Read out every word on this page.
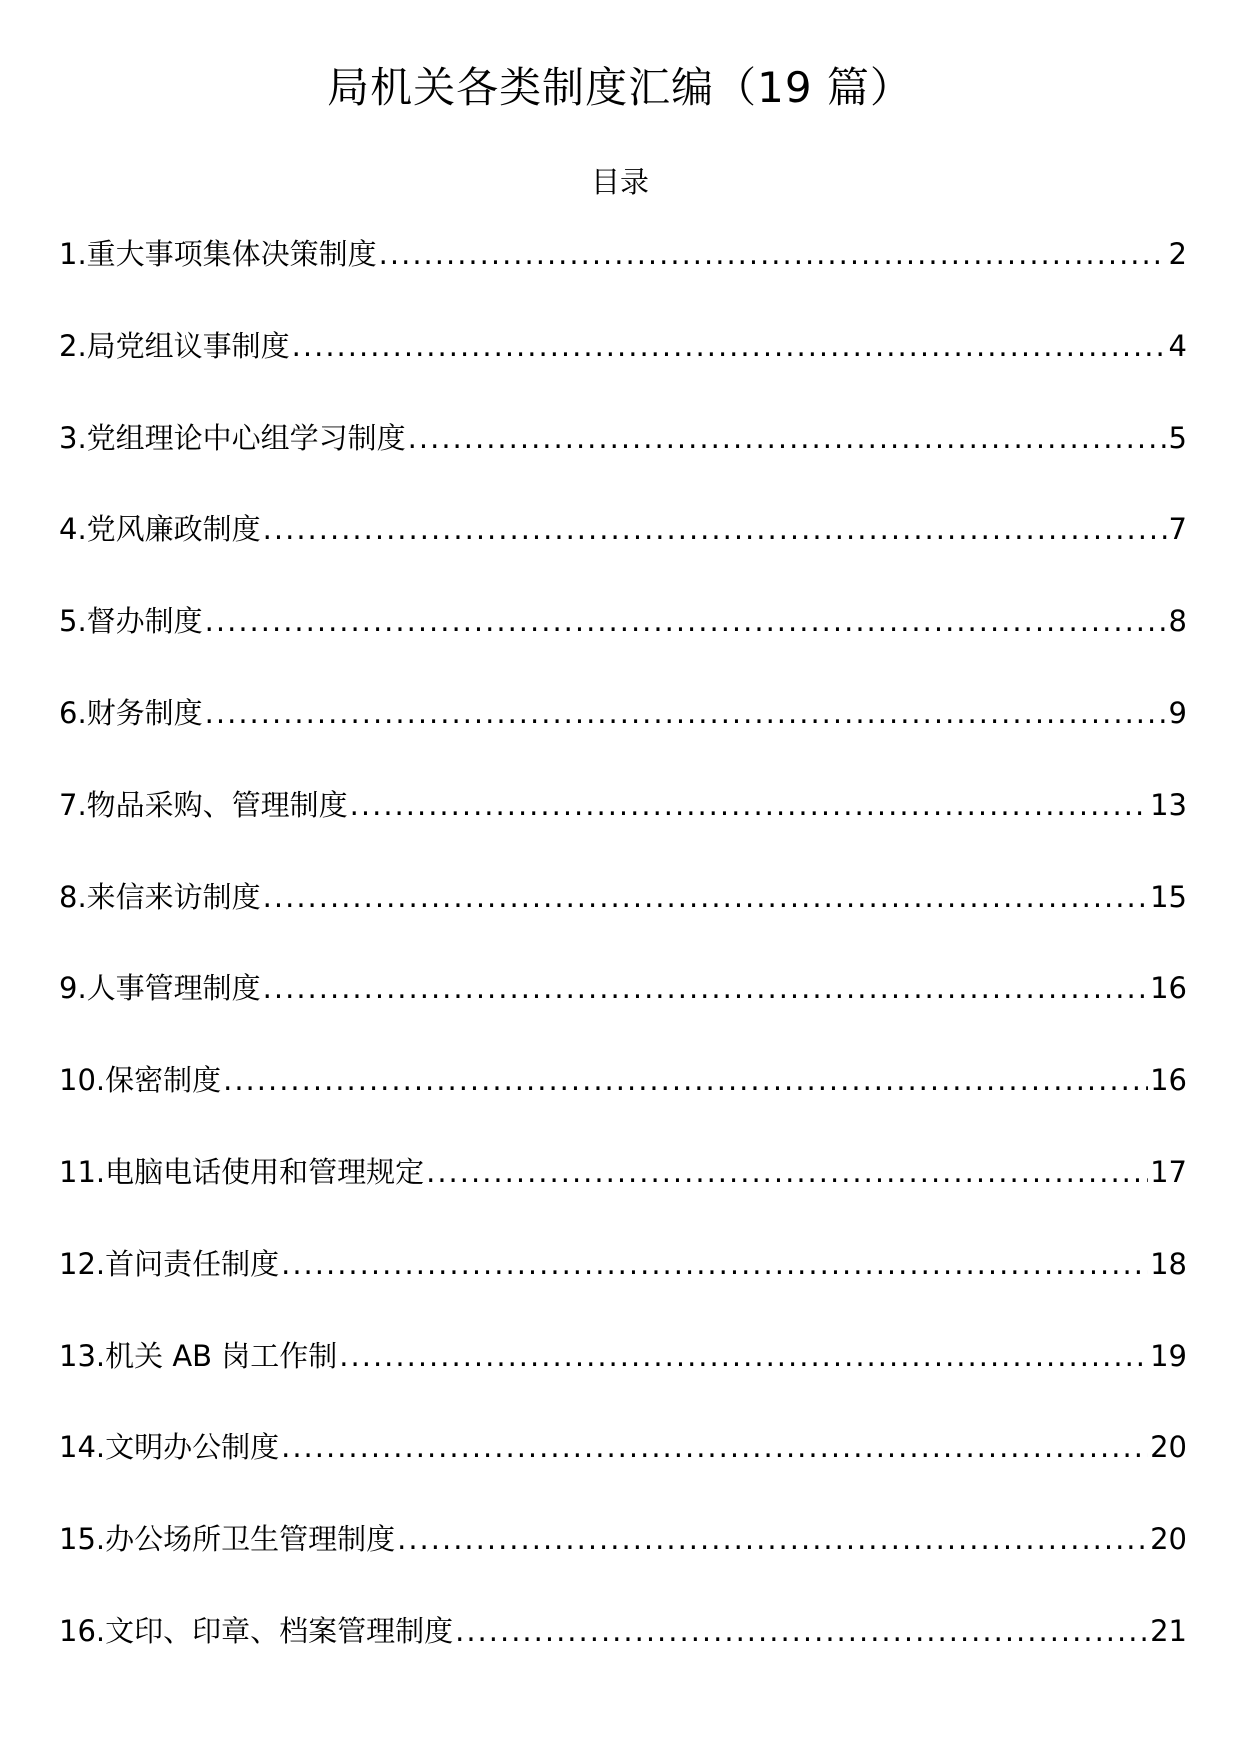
局机关各类制度汇编（19 篇）
目录
1.重大事项集体决策制度 .....	2
2.局党组议事制度 .....	4
3.党组理论中心组学习制度 .....	5
4.党风廉政制度 .....	7
5.督办制度 .....	8
6.财务制度 .....	9
7.物品采购、管理制度 .....	13
8.来信来访制度 .....	15
9.人事管理制度 .....	16
10.保密制度 .....	16
11.电脑电话使用和管理规定 .....	17
12.首问责任制度 .....	18
13.机关 AB 岗工作制 .....	19
14.文明办公制度 .....	20
15.办公场所卫生管理制度 .....	20
16.文印、印章、档案管理制度 .....	21
